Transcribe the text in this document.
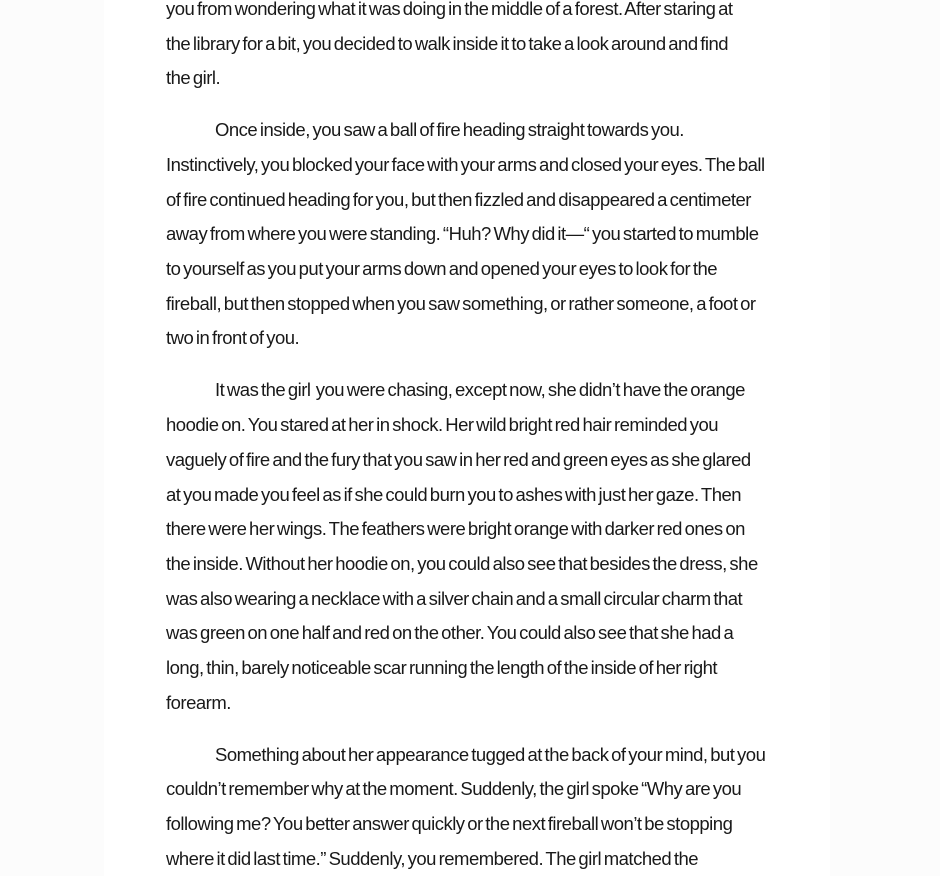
you from wondering what it was doing in the middle of a forest. After staring at
the library for a bit, you decided to walk inside it to take a look around and find
the girl.
Once inside, you saw a ball of fire heading straight towards you.
Instinctively, you blocked your face with your arms and closed your eyes. The ball
of fire continued heading for you, but then fizzled and disappeared a centimeter
away from where you were standing. “Huh? Why did it—“ you started to mumble
to yourself as you put your arms down and opened your eyes to look for the
fireball, but then stopped when you saw something, or rather someone, a foot or
two in front of you.
It was the girl  you were chasing, except now, she didn’t have the orange
hoodie on. You stared at her in shock. Her wild bright red hair reminded you
vaguely of fire and the fury that you saw in her red and green eyes as she glared
at you made you feel as if she could burn you to ashes with just her gaze. Then
there were her wings. The feathers were bright orange with darker red ones on
the inside. Without her hoodie on, you could also see that besides the dress, she
was also wearing a necklace with a silver chain and a small circular charm that
was green on one half and red on the other. You could also see that she had a
long, thin, barely noticeable scar running the length of the inside of her right
forearm.
Something about her appearance tugged at the back of your mind, but you
couldn’t remember why at the moment. Suddenly, the girl spoke “Why are you
following me? You better answer quickly or the next fireball won’t be stopping
where it did last time.” Suddenly, you remembered. The girl matched the
